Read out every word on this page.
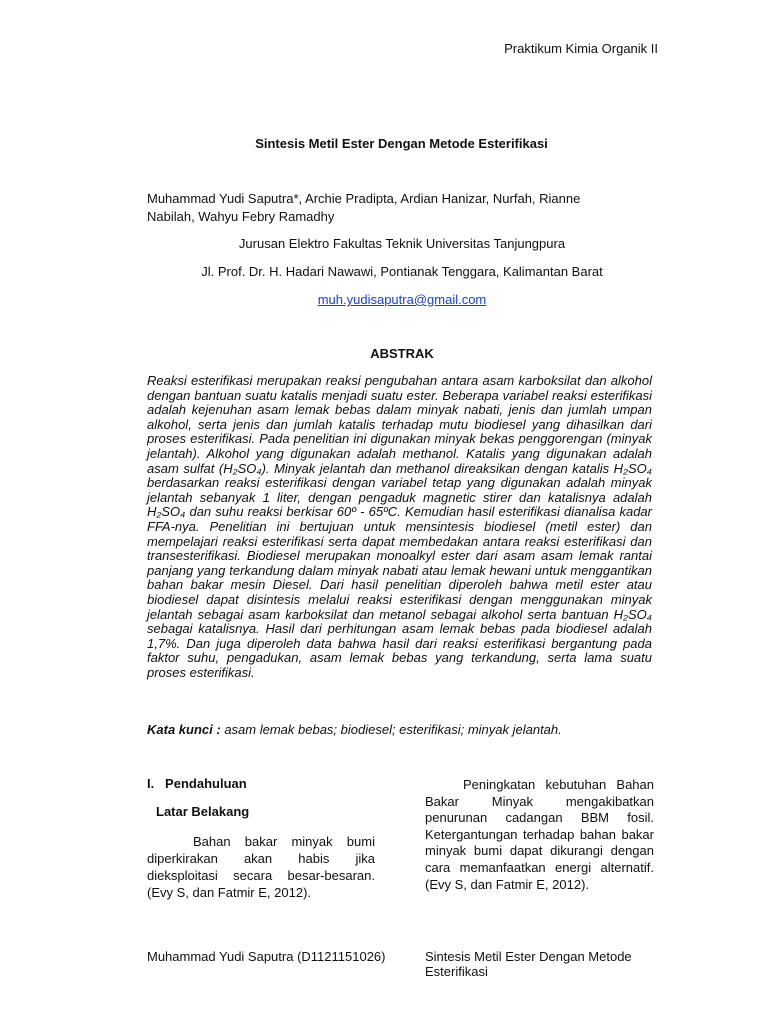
Praktikum Kimia Organik II
Sintesis Metil Ester Dengan Metode Esterifikasi
Muhammad Yudi Saputra*, Archie Pradipta, Ardian Hanizar, Nurfah, Rianne Nabilah, Wahyu Febry Ramadhy
Jurusan Elektro Fakultas Teknik Universitas Tanjungpura
Jl. Prof. Dr. H. Hadari Nawawi, Pontianak Tenggara, Kalimantan Barat
muh.yudisaputra@gmail.com
ABSTRAK

Reaksi esterifikasi merupakan reaksi pengubahan antara asam karboksilat dan alkohol dengan bantuan suatu katalis menjadi suatu ester. Beberapa variabel reaksi esterifikasi adalah kejenuhan asam lemak bebas dalam minyak nabati, jenis dan jumlah umpan alkohol, serta jenis dan jumlah katalis terhadap mutu biodiesel yang dihasilkan dari proses esterifikasi. Pada penelitian ini digunakan minyak bekas penggorengan (minyak jelantah). Alkohol yang digunakan adalah methanol. Katalis yang digunakan adalah asam sulfat (H₂SO₄). Minyak jelantah dan methanol direaksikan dengan katalis H₂SO₄ berdasarkan reaksi esterifikasi dengan variabel tetap yang digunakan adalah minyak jelantah sebanyak 1 liter, dengan pengaduk magnetic stirer dan katalisnya adalah H₂SO₄ dan suhu reaksi berkisar 60º - 65ºC. Kemudian hasil esterifikasi dianalisa kadar FFA-nya. Penelitian ini bertujuan untuk mensintesis biodiesel (metil ester) dan mempelajari reaksi esterifikasi serta dapat membedakan antara reaksi esterifikasi dan transesterifikasi. Biodiesel merupakan monoalkyl ester dari asam asam lemak rantai panjang yang terkandung dalam minyak nabati atau lemak hewani untuk menggantikan bahan bakar mesin Diesel. Dari hasil penelitian diperoleh bahwa metil ester atau biodiesel dapat disintesis melalui reaksi esterifikasi dengan menggunakan minyak jelantah sebagai asam karboksilat dan metanol sebagai alkohol serta bantuan H₂SO₄ sebagai katalisnya. Hasil dari perhitungan asam lemak bebas pada biodiesel adalah 1,7%. Dan juga diperoleh data bahwa hasil dari reaksi esterifikasi bergantung pada faktor suhu, pengadukan, asam lemak bebas yang terkandung, serta lama suatu proses esterifikasi.

Kata kunci : asam lemak bebas; biodiesel; esterifikasi; minyak jelantah.
I.   Pendahuluan
Latar Belakang
Bahan bakar minyak bumi diperkirakan akan habis jika dieksploitasi secara besar-besaran. (Evy S, dan Fatmir E, 2012).
Peningkatan kebutuhan Bahan Bakar Minyak mengakibatkan penurunan cadangan BBM fosil. Ketergantungan terhadap bahan bakar minyak bumi dapat dikurangi dengan cara memanfaatkan energi alternatif. (Evy S, dan Fatmir E, 2012).
Muhammad Yudi Saputra (D1121151026)	Sintesis Metil Ester Dengan Metode Esterifikasi
